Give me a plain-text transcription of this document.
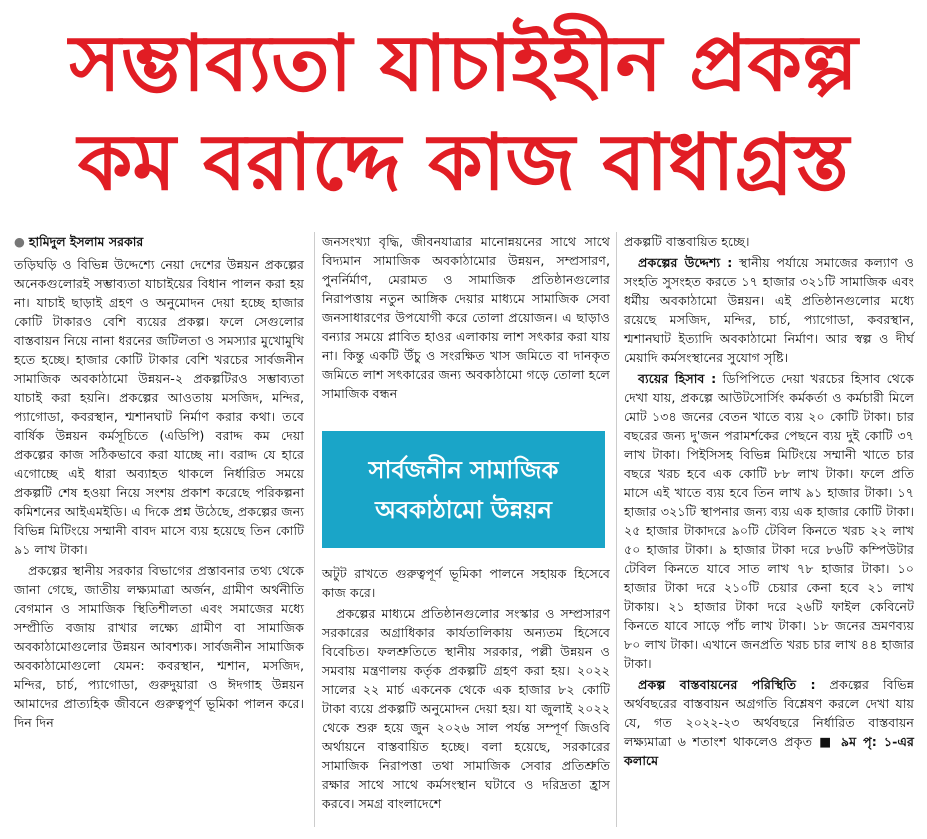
সম্ভাব্যতা যাচাইহীন প্রকল্প
কম বরাদ্দে কাজ বাধাগ্রস্ত
● হামিদুল ইসলাম সরকার

তড়িঘড়ি ও বিভিন্ন উদ্দেশ্যে নেয়া দেশের উন্নয়ন প্রকল্পের অনেকগুলোরই সম্ভাব্যতা যাচাইয়ের বিধান পালন করা হয় না। যাচাই ছাড়াই গ্রহণ ও অনুমোদন দেয়া হচ্ছে হাজার কোটি টাকারও বেশি ব্যয়ের প্রকল্প। ফলে সেগুলোর বাস্তবায়ন নিয়ে নানা ধরনের জটিলতা ও সমস্যার মুখোমুখি হতে হচ্ছে। হাজার কোটি টাকার বেশি খরচের সার্বজনীন সামাজিক অবকাঠামো উন্নয়ন-২ প্রকল্পটিরও সম্ভাব্যতা যাচাই করা হয়নি। প্রকল্পের আওতায় মসজিদ, মন্দির, প্যাগোডা, কবরস্থান, শ্মশানঘাট নির্মাণ করার কথা। তবে বার্ষিক উন্নয়ন কর্মসূচিতে (এডিপি) বরাদ্দ কম দেয়া প্রকল্পের কাজ সঠিকভাবে করা যাচ্ছে না। বরাদ্দ যে হারে এগোচ্ছে এই ধারা অব্যাহত থাকলে নির্ধারিত সময়ে প্রকল্পটি শেষ হওয়া নিয়ে সংশয় প্রকাশ করেছে পরিকল্পনা কমিশনের আইএমইডি। এ দিকে প্রশ্ন উঠেছে, প্রকল্পের জন্য বিভিন্ন মিটিংয়ে সম্মানী বাবদ মাসে ব্যয় হয়েছে তিন কোটি ৯১ লাখ টাকা।

প্রকল্পের স্থানীয় সরকার বিভাগের প্রস্তাবনার তথ্য থেকে জানা গেছে, জাতীয় লক্ষ্যমাত্রা অর্জন, গ্রামীণ অর্থনীতি বেগমান ও সামাজিক স্থিতিশীলতা এবং সমাজের মধ্যে সম্প্রীতি বজায় রাখার লক্ষ্যে গ্রামীণ বা সামাজিক অবকাঠামোগুলোর উন্নয়ন আবশ্যক। সার্বজনীন সামাজিক অবকাঠামোগুলো যেমন: কবরস্থান, শ্মশান, মসজিদ, মন্দির, চার্চ, প্যাগোডা, গুরুদুয়ারা ও ঈদগাহ উন্নয়ন আমাদের প্রাত্যহিক জীবনে গুরুত্বপূর্ণ ভূমিকা পালন করে। দিন দিন

জনসংখ্যা বৃদ্ধি, জীবনযাত্রার মানোন্নয়নের সাথে সাথে বিদ্যমান সামাজিক অবকাঠামোর উন্নয়ন, সম্প্রসারণ, পুনর্নির্মাণ, মেরামত ও সামাজিক প্রতিষ্ঠানগুলোর নিরাপত্তায় নতুন আঙ্গিক দেয়ার মাধ্যমে সামাজিক সেবা জনসাধারণের উপযোগী করে তোলা প্রয়োজন। এ ছাড়াও বন্যার সময়ে প্লাবিত হাওর এলাকায় লাশ সৎকার করা যায় না। কিন্তু একটি উঁচু ও সংরক্ষিত খাস জমিতে বা দানকৃত জমিতে লাশ সৎকারের জন্য অবকাঠামো গড়ে তোলা হলে সামাজিক বন্ধন

সার্বজনীন সামাজিক
অবকাঠামো উন্নয়ন

অটুট রাখতে গুরুত্বপূর্ণ ভূমিকা পালনে সহায়ক হিসেবে কাজ করে।

প্রকল্পের মাধ্যমে প্রতিষ্ঠানগুলোর সংস্কার ও সম্প্রসারণ সরকারের অগ্রাধিকার কার্যতালিকায় অন্যতম হিসেবে বিবেচিত। ফলশ্রুতিতে স্থানীয় সরকার, পল্লী উন্নয়ন ও সমবায় মন্ত্রণালয় কর্তৃক প্রকল্পটি গ্রহণ করা হয়। ২০২২ সালের ২২ মার্চ একনেক থেকে এক হাজার ৮২ কোটি টাকা ব্যয়ে প্রকল্পটি অনুমোদন দেয়া হয়। যা জুলাই ২০২২ থেকে শুরু হয়ে জুন ২০২৬ সাল পর্যন্ত সম্পূর্ণ জিওবি অর্থায়নে বাস্তবায়িত হচ্ছে। বলা হয়েছে, সরকারের সামাজিক নিরাপত্তা তথা সামাজিক সেবার প্রতিশ্রুতি রক্ষার সাথে সাথে কর্মসংস্থান ঘটাবে ও দরিদ্রতা হ্রাস করবে। সমগ্র বাংলাদেশে

প্রকল্পটি বাস্তবায়িত হচ্ছে।

প্রকল্পের উদ্দেশ্য : স্থানীয় পর্যায়ে সমাজের কল্যাণ ও সংহতি সুসংহত করতে ১৭ হাজার ৩২১টি সামাজিক এবং ধর্মীয় অবকাঠামো উন্নয়ন। এই প্রতিষ্ঠানগুলোর মধ্যে রয়েছে মসজিদ, মন্দির, চার্চ, প্যাগোডা, কবরস্থান, শ্মশানঘাট ইত্যাদি অবকাঠামো নির্মাণ। আর স্বল্প ও দীর্ঘ মেয়াদি কর্মসংস্থানের সুযোগ সৃষ্টি।

ব্যয়ের হিসাব : ডিপিপিতে দেয়া খরচের হিসাব থেকে দেখা যায়, প্রকল্পে আউটসোর্সিং কর্মকর্তা ও কর্মচারী মিলে মোট ১৩৪ জনের বেতন খাতে ব্যয় ২০ কোটি টাকা। চার বছরের জন্য দু'জন পরামর্শকের পেছনে ব্যয় দুই কোটি ৩৭ লাখ টাকা। পিইসিসহ বিভিন্ন মিটিংয়ে সম্মানী খাতে চার বছরে খরচ হবে এক কোটি ৮৮ লাখ টাকা। ফলে প্রতি মাসে এই খাতে ব্যয় হবে তিন লাখ ৯১ হাজার টাকা। ১৭ হাজার ৩২১টি স্থাপনার জন্য ব্যয় এক হাজার কোটি টাকা। ২৫ হাজার টাকাদরে ৯০টি টেবিল কিনতে খরচ ২২ লাখ ৫০ হাজার টাকা। ৯ হাজার টাকা দরে ৮৬টি কম্পিউটার টেবিল কিনতে যাবে সাত লাখ ৭৮ হাজার টাকা। ১০ হাজার টাকা দরে ২১০টি চেয়ার কেনা হবে ২১ লাখ টাকায়। ২১ হাজার টাকা দরে ২৬টি ফাইল কেবিনেট কিনতে যাবে সাড়ে পাঁচ লাখ টাকা। ১৮ জনের ভ্রমণব্যয় ৮০ লাখ টাকা। এখানে জনপ্রতি খরচ চার লাখ ৪৪ হাজার টাকা।

প্রকল্প বাস্তবায়নের পরিস্থিতি : প্রকল্পের বিভিন্ন অর্থবছরের বাস্তবায়ন অগ্রগতি বিশ্লেষণ করলে দেখা যায় যে, গত ২০২২-২৩ অর্থবছরে নির্ধারিত বাস্তবায়ন লক্ষ্যমাত্রা ৬ শতাংশ থাকলেও প্রকৃত ■ ৯ম পৃ: ১-এর কলামে
